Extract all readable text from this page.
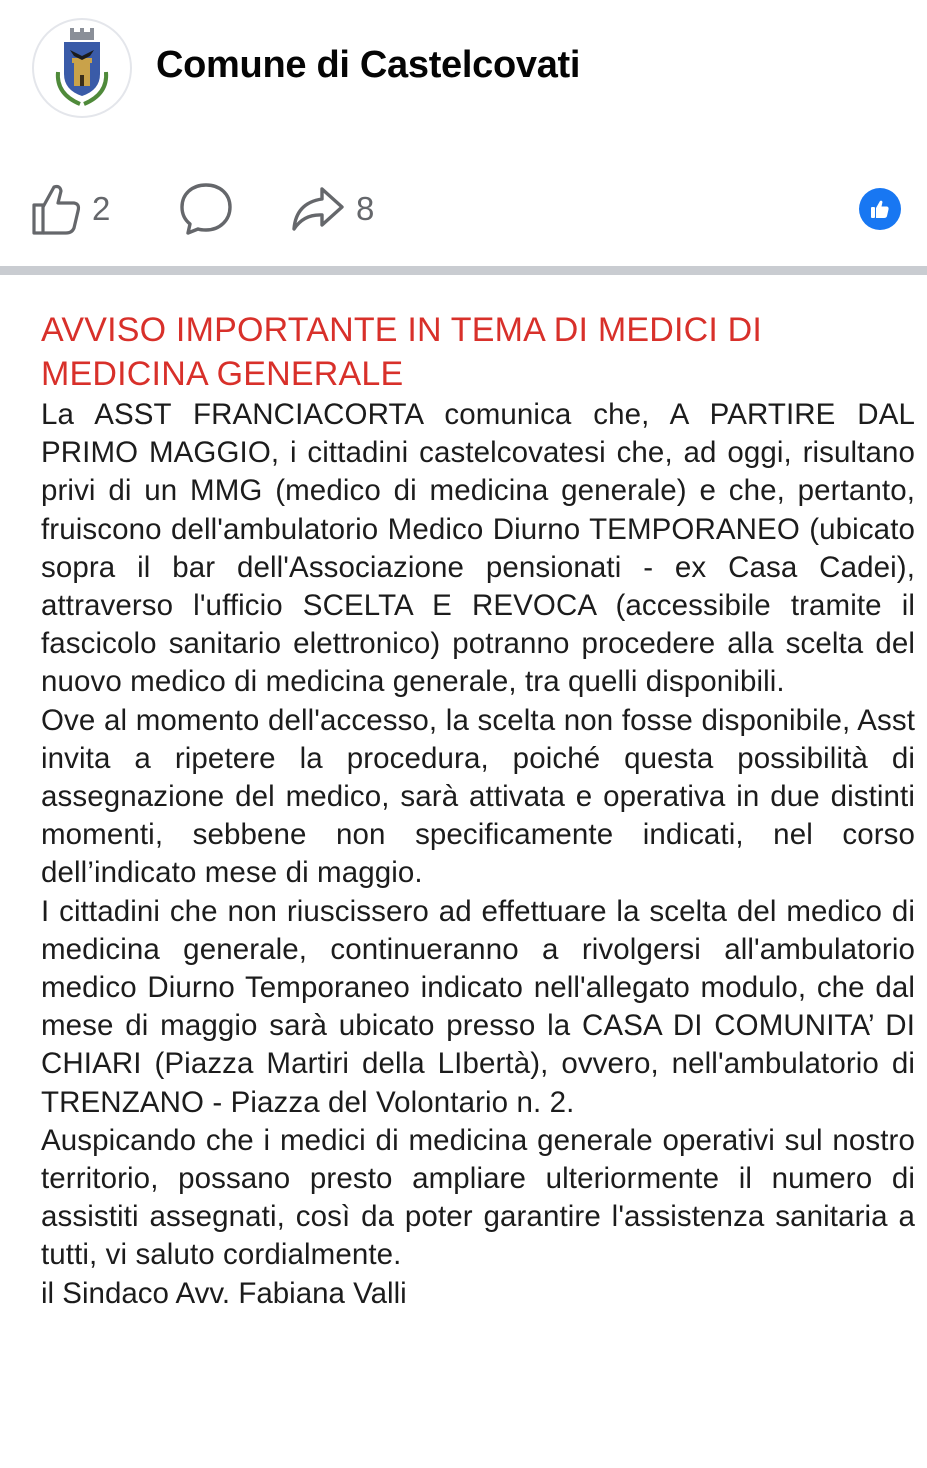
Comune di Castelcovati
2	8
AVVISO IMPORTANTE IN TEMA DI MEDICI DI MEDICINA GENERALE
La ASST FRANCIACORTA comunica che, A PARTIRE DAL PRIMO MAGGIO, i cittadini castelcovatesi che, ad oggi, risultano privi di un MMG (medico di medicina generale) e che, pertanto, fruiscono dell'ambulatorio Medico Diurno TEMPORANEO (ubicato sopra il bar dell'Associazione pensionati - ex Casa Cadei), attraverso l'ufficio SCELTA E REVOCA (accessibile tramite il fascicolo sanitario elettronico) potranno procedere alla scelta del nuovo medico di medicina generale, tra quelli disponibili.
Ove al momento dell'accesso, la scelta non fosse disponibile, Asst invita a ripetere la procedura, poiché questa possibilità di assegnazione del medico, sarà attivata e operativa in due distinti momenti, sebbene non specificamente indicati, nel corso dell’indicato mese di maggio.
I cittadini che non riuscissero ad effettuare la scelta del medico di medicina generale, continueranno a rivolgersi all'ambulatorio medico Diurno Temporaneo indicato nell'allegato modulo, che dal mese di maggio sarà ubicato presso la CASA DI COMUNITA’ DI CHIARI (Piazza Martiri della LIbertà), ovvero, nell'ambulatorio di TRENZANO - Piazza del Volontario n. 2.
Auspicando che i medici di medicina generale operativi sul nostro territorio, possano presto ampliare ulteriormente il numero di assistiti assegnati, così da poter garantire l'assistenza sanitaria a tutti, vi saluto cordialmente.
il Sindaco Avv. Fabiana Valli
